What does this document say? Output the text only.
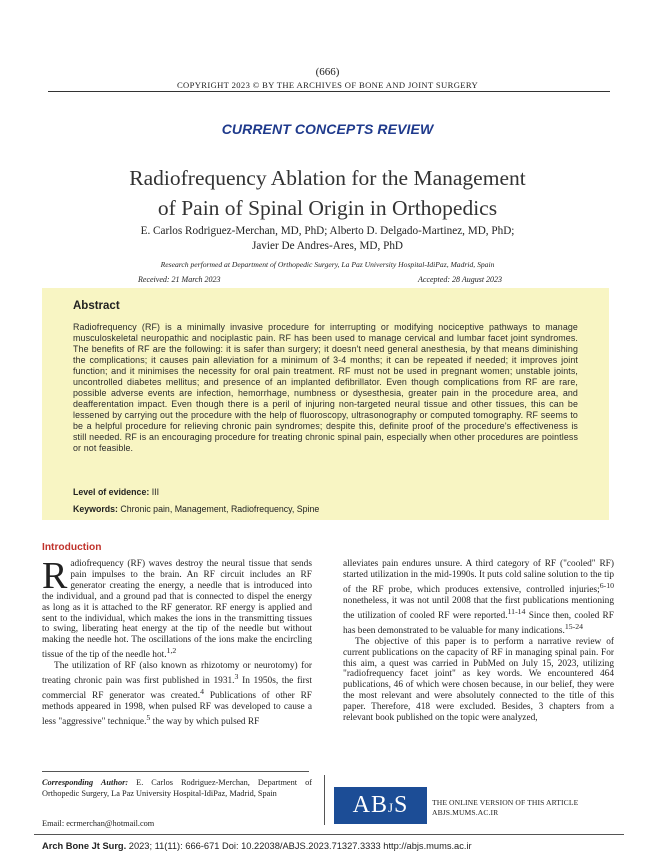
(666)
COPYRIGHT 2023 © BY THE ARCHIVES OF BONE AND JOINT SURGERY
CURRENT CONCEPTS REVIEW
Radiofrequency Ablation for the Management
of Pain of Spinal Origin in Orthopedics
E. Carlos Rodriguez-Merchan, MD, PhD; Alberto D. Delgado-Martinez, MD, PhD;
Javier De Andres-Ares, MD, PhD
Research performed at Department of Orthopedic Surgery, La Paz University Hospital-IdiPaz, Madrid, Spain
Received: 21 March 2023	Accepted: 28 August 2023
Abstract
Radiofrequency (RF) is a minimally invasive procedure for interrupting or modifying nociceptive pathways to manage musculoskeletal neuropathic and nociplastic pain. RF has been used to manage cervical and lumbar facet joint syndromes. The benefits of RF are the following: it is safer than surgery; it doesn't need general anesthesia, by that means diminishing the complications; it causes pain alleviation for a minimum of 3-4 months; it can be repeated if needed; it improves joint function; and it minimises the necessity for oral pain treatment. RF must not be used in pregnant women; unstable joints, uncontrolled diabetes mellitus; and presence of an implanted defibrillator. Even though complications from RF are rare, possible adverse events are infection, hemorrhage, numbness or dysesthesia, greater pain in the procedure area, and deafferentation impact. Even though there is a peril of injuring non-targeted neural tissue and other tissues, this can be lessened by carrying out the procedure with the help of fluoroscopy, ultrasonography or computed tomography. RF seems to be a helpful procedure for relieving chronic pain syndromes; despite this, definite proof of the procedure's effectiveness is still needed. RF is an encouraging procedure for treating chronic spinal pain, especially when other procedures are pointless or not feasible.
Level of evidence: III
Keywords: Chronic pain, Management, Radiofrequency, Spine
Introduction

Radiofrequency (RF) waves destroy the neural tissue that sends pain impulses to the brain. An RF circuit includes an RF generator creating the energy, a needle that is introduced into the individual, and a ground pad that is connected to dispel the energy as long as it is attached to the RF generator. RF energy is applied and sent to the individual, which makes the ions in the transmitting tissues to swing, liberating heat energy at the tip of the needle but without making the needle hot. The oscillations of the ions make the encircling tissue of the tip of the needle hot.$^{1,2}$

The utilization of RF (also known as rhizotomy or neurotomy) for treating chronic pain was first published in 1931.$^3$ In 1950s, the first commercial RF generator was created.$^4$ Publications of other RF methods appeared in 1998, when pulsed RF was developed to cause a less "aggressive" technique.$^5$ the way by which pulsed RF

alleviates pain endures unsure. A third category of RF ("cooled" RF) started utilization in the mid-1990s. It puts cold saline solution to the tip of the RF probe, which produces extensive, controlled injuries;$^{6-10}$ nonetheless, it was not until 2008 that the first publications mentioning the utilization of cooled RF were reported.$^{11-14}$ Since then, cooled RF has been demonstrated to be valuable for many indications.$^{15-24}$

The objective of this paper is to perform a narrative review of current publications on the capacity of RF in managing spinal pain. For this aim, a quest was carried in PubMed on July 15, 2023, utilizing "radiofrequency facet joint" as key words. We encountered 464 publications, 46 of which were chosen because, in our belief, they were the most relevant and were absolutely connected to the title of this paper. Therefore, 418 were excluded. Besides, 3 chapters from a relevant book published on the topic were analyzed,

Corresponding Author: E. Carlos Rodriguez-Merchan, Department of Orthopedic Surgery, La Paz University Hospital-IdiPaz, Madrid, Spain
Email: ecrmerchan@hotmail.com
ABJS	THE ONLINE VERSION OF THIS ARTICLE
ABJS.MUMS.AC.IR
Arch Bone Jt Surg. 2023; 11(11): 666-671 Doi: 10.22038/ABJS.2023.71327.3333 http://abjs.mums.ac.ir
